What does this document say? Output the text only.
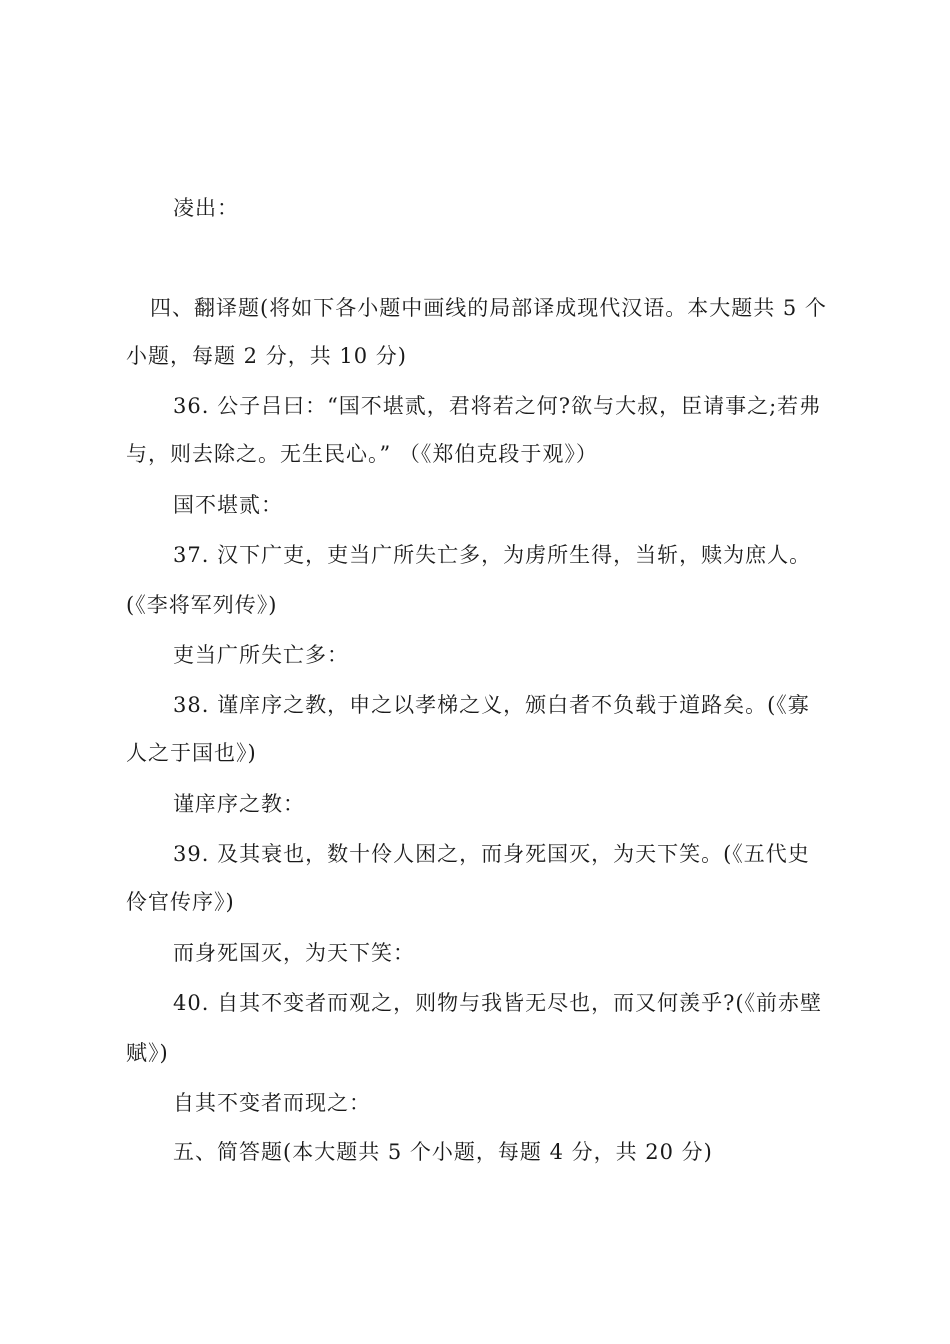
凌出：
四、翻译题(将如下各小题中画线的局部译成现代汉语。本大题共 5 个
小题，每题 2 分，共 10 分)
36. 公子吕曰：“国不堪贰，君将若之何?欲与大叔，臣请事之;若弗
与，则去除之。无生民心。” （《郑伯克段于观》）
国不堪贰：
37. 汉下广吏，吏当广所失亡多，为虏所生得，当斩，赎为庶人。
(《李将军列传》)
吏当广所失亡多：
38. 谨庠序之教，申之以孝梯之义，颁白者不负载于道路矣。(《寡
人之于国也》)
谨庠序之教：
39. 及其衰也，数十伶人困之，而身死国灭，为天下笑。(《五代史
伶官传序》)
而身死国灭，为天下笑：
40. 自其不变者而观之，则物与我皆无尽也，而又何羡乎?(《前赤壁
赋》)
自其不变者而现之：
五、简答题(本大题共 5 个小题，每题 4 分，共 20 分)
